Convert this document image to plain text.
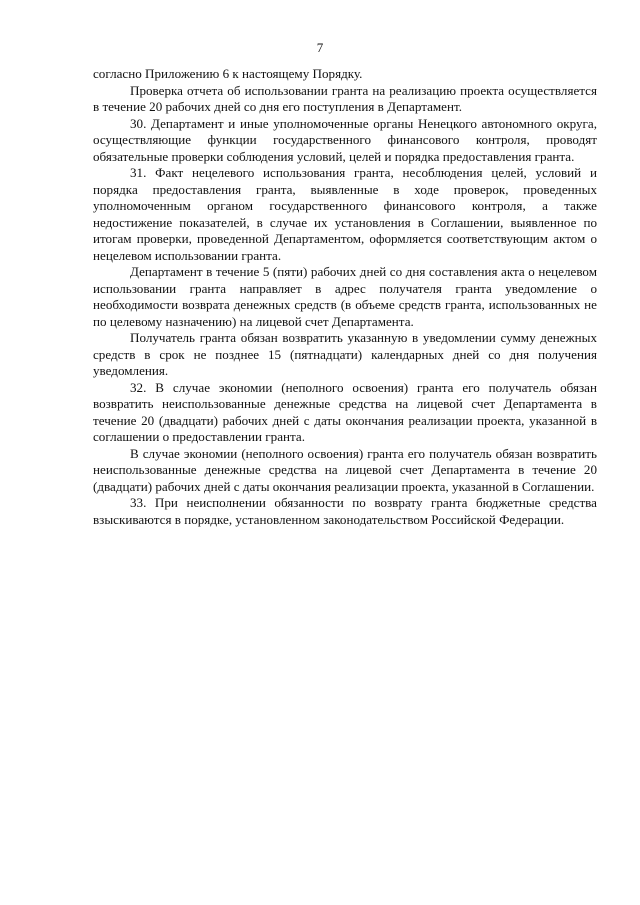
7

согласно Приложению 6 к настоящему Порядку.

Проверка отчета об использовании гранта на реализацию проекта осуществляется в течение 20 рабочих дней со дня его поступления в Департамент.

30. Департамент и иные уполномоченные органы Ненецкого автономного округа, осуществляющие функции государственного финансового контроля, проводят обязательные проверки соблюдения условий, целей и порядка предоставления гранта.

31. Факт нецелевого использования гранта, несоблюдения целей, условий и порядка предоставления гранта, выявленные в ходе проверок, проведенных уполномоченным органом государственного финансового контроля, а также недостижение показателей, в случае их установления в Соглашении, выявленное по итогам проверки, проведенной Департаментом, оформляется соответствующим актом о нецелевом использовании гранта.

Департамент в течение 5 (пяти) рабочих дней со дня составления акта о нецелевом использовании гранта направляет в адрес получателя гранта уведомление о необходимости возврата денежных средств (в объеме средств гранта, использованных не по целевому назначению) на лицевой счет Департамента.

Получатель гранта обязан возвратить указанную в уведомлении сумму денежных средств в срок не позднее 15 (пятнадцати) календарных дней со дня получения уведомления.

32. В случае экономии (неполного освоения) гранта его получатель обязан возвратить неиспользованные денежные средства на лицевой счет Департамента в течение 20 (двадцати) рабочих дней с даты окончания реализации проекта, указанной в соглашении о предоставлении гранта.

В случае экономии (неполного освоения) гранта его получатель обязан возвратить неиспользованные денежные средства на лицевой счет Департамента в течение 20 (двадцати) рабочих дней с даты окончания реализации проекта, указанной в Соглашении.

33. При неисполнении обязанности по возврату гранта бюджетные средства взыскиваются в порядке, установленном законодательством Российской Федерации.
